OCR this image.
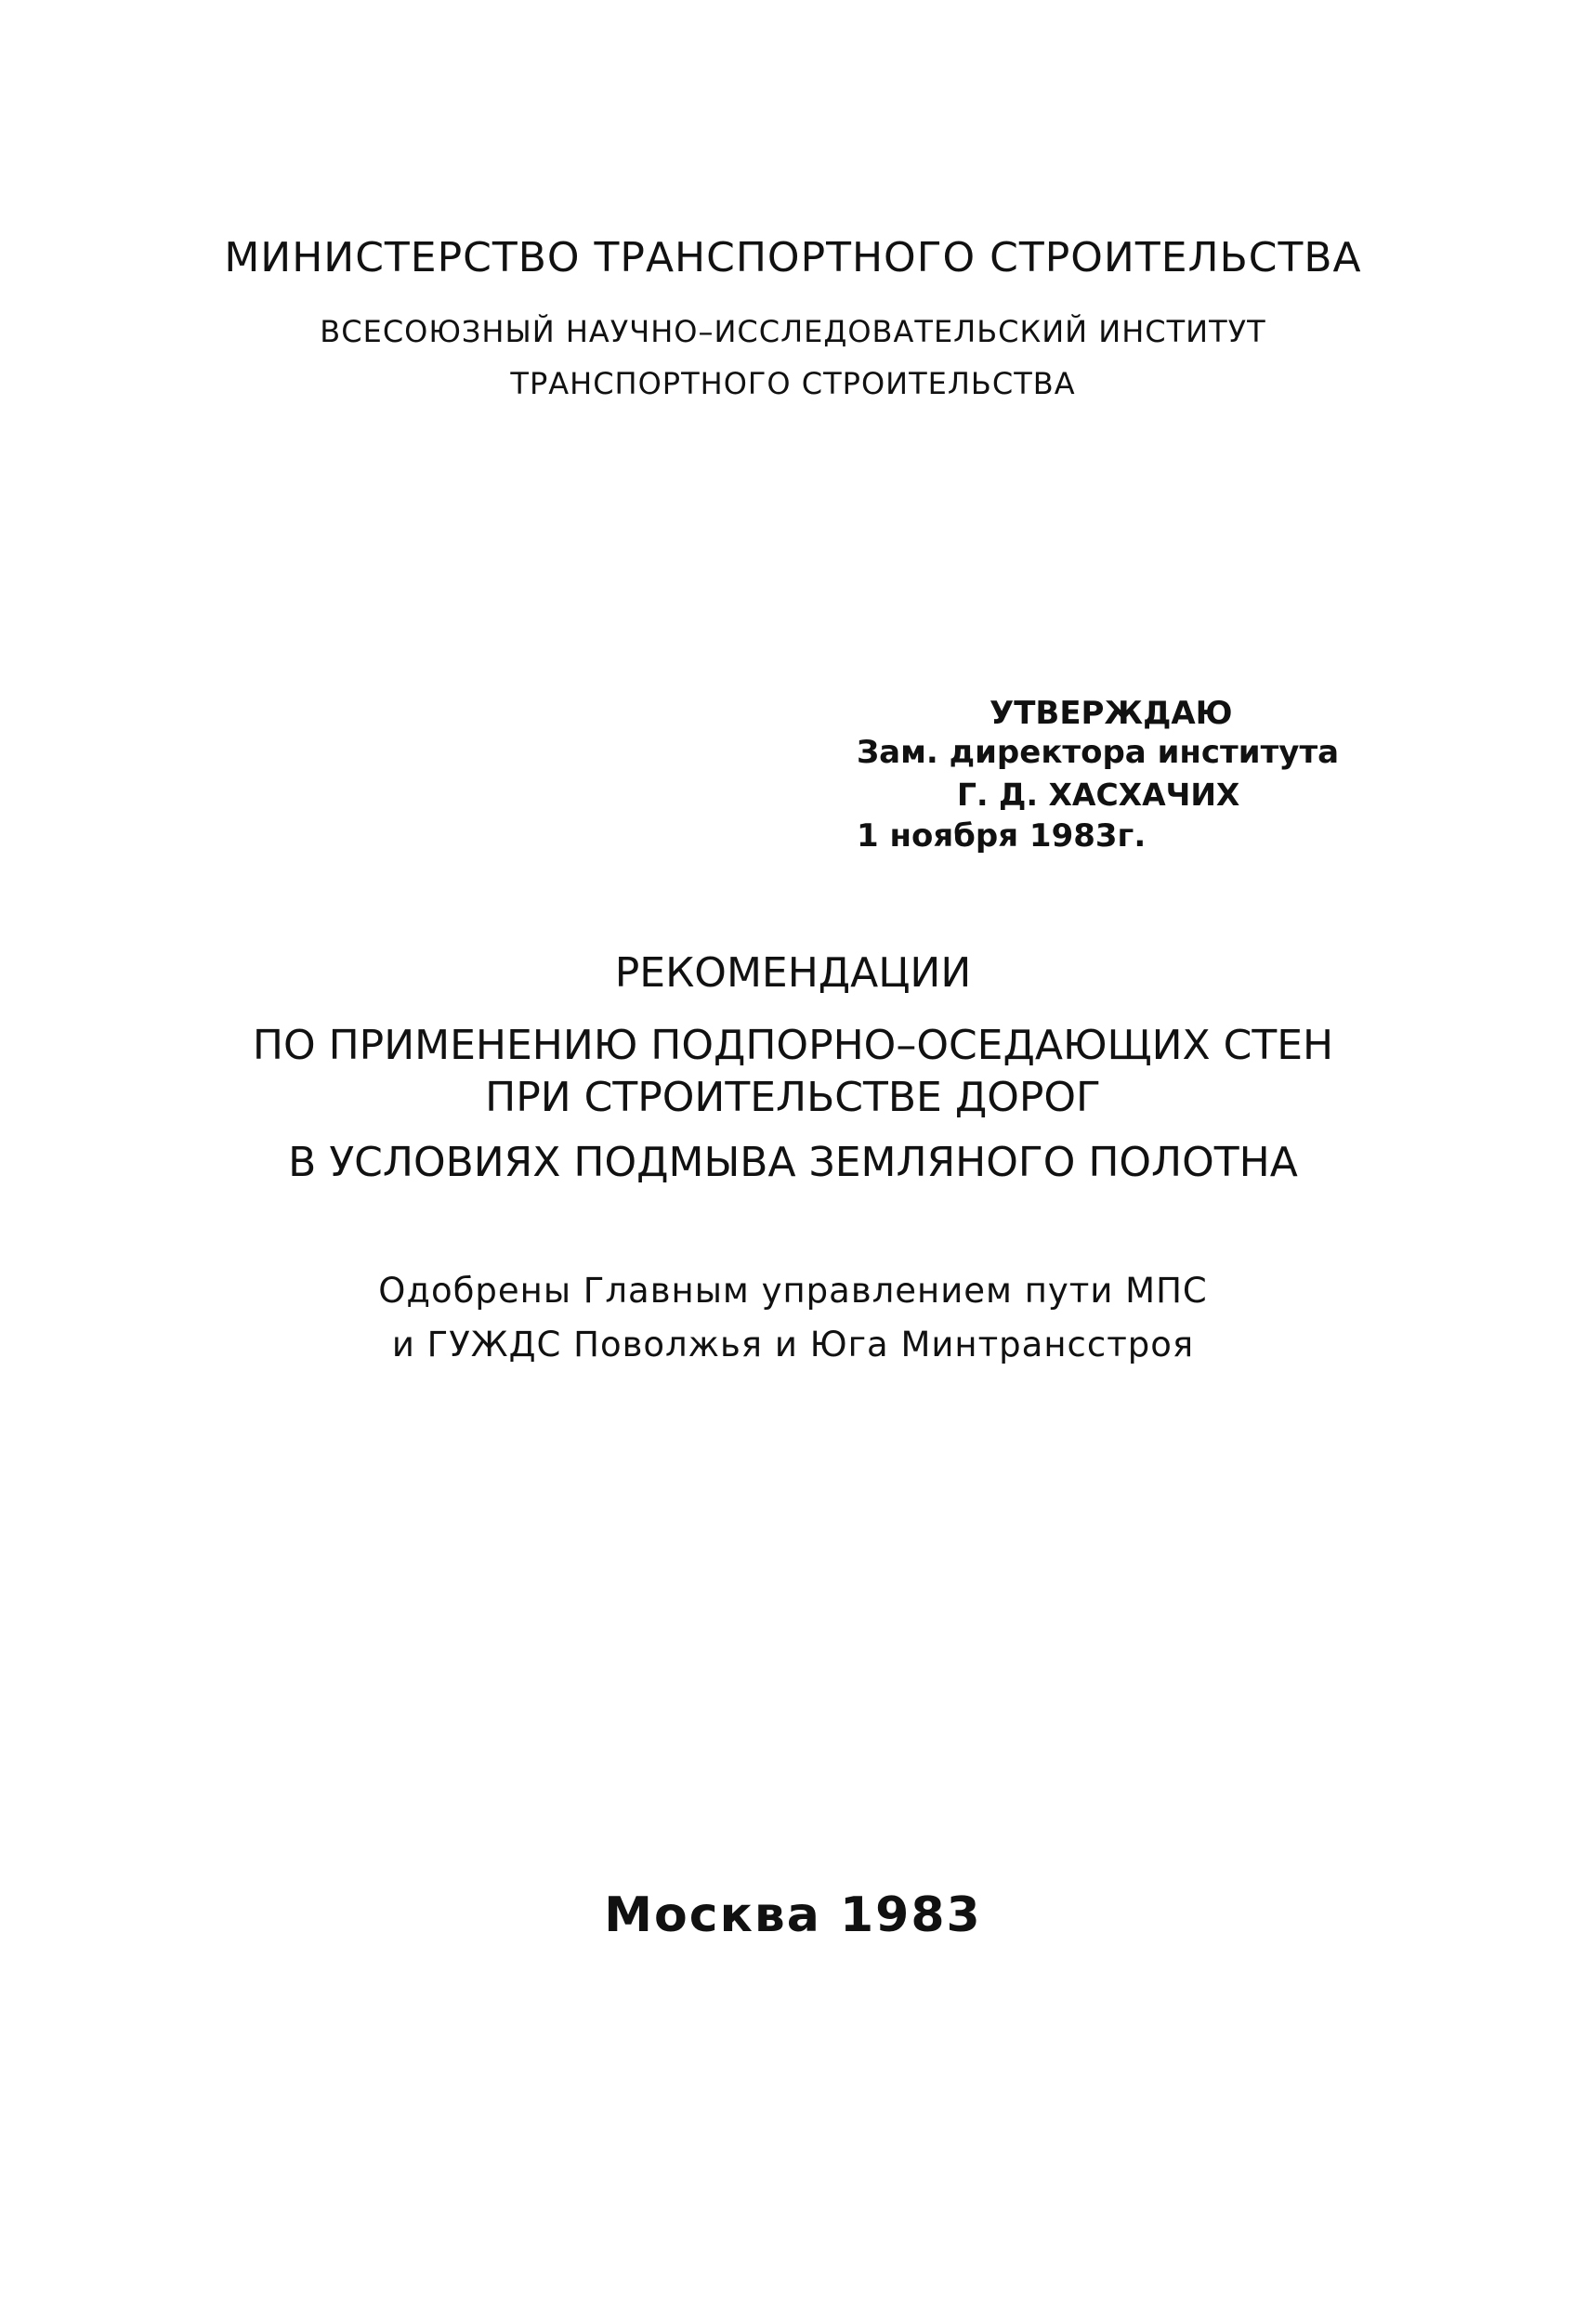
МИНИСТЕРСТВО ТРАНСПОРТНОГО СТРОИТЕЛЬСТВА

ВСЕСОЮЗНЫЙ НАУЧНО–ИССЛЕДОВАТЕЛЬСКИЙ ИНСТИТУТ

ТРАНСПОРТНОГО СТРОИТЕЛЬСТВА

УТВЕРЖДАЮ
Зам. директора института
Г. Д. ХАСХАЧИХ
1 ноября 1983г.

РЕКОМЕНДАЦИИ

ПО ПРИМЕНЕНИЮ ПОДПОРНО–ОСЕДАЮЩИХ СТЕН

ПРИ СТРОИТЕЛЬСТВЕ ДОРОГ

В УСЛОВИЯХ ПОДМЫВА ЗЕМЛЯНОГО ПОЛОТНА

Одобрены Главным управлением пути МПС

и ГУЖДС Поволжья и Юга Минтрансстроя

Москва 1983
